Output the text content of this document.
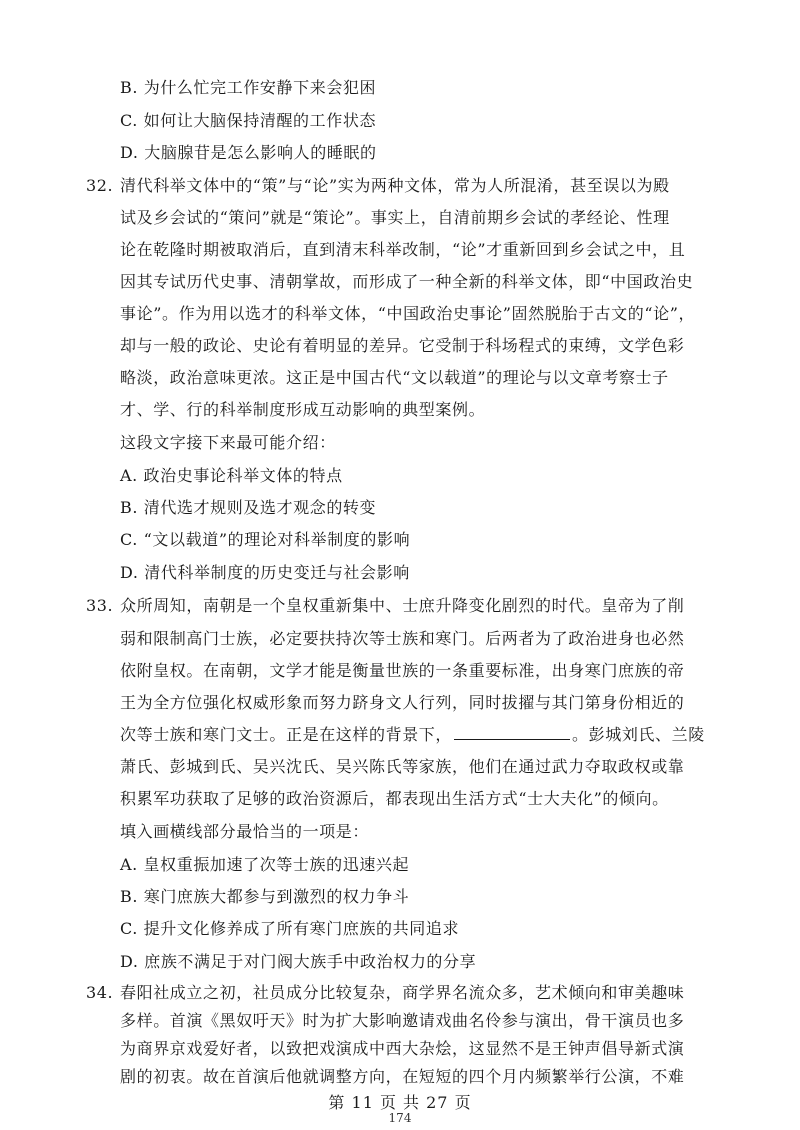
B. 为什么忙完工作安静下来会犯困
C. 如何让大脑保持清醒的工作状态
D. 大脑腺苷是怎么影响人的睡眠的
32. 清代科举文体中的“策”与“论”实为两种文体，常为人所混淆，甚至误以为殿
试及乡会试的“策问”就是“策论”。事实上，自清前期乡会试的孝经论、性理
论在乾隆时期被取消后，直到清末科举改制，“论”才重新回到乡会试之中，且
因其专试历代史事、清朝掌故，而形成了一种全新的科举文体，即“中国政治史
事论”。作为用以选才的科举文体，“中国政治史事论”固然脱胎于古文的“论”，
却与一般的政论、史论有着明显的差异。它受制于科场程式的束缚，文学色彩
略淡，政治意味更浓。这正是中国古代“文以载道”的理论与以文章考察士子
才、学、行的科举制度形成互动影响的典型案例。
这段文字接下来最可能介绍：
A. 政治史事论科举文体的特点
B. 清代选才规则及选才观念的转变
C. “文以载道”的理论对科举制度的影响
D. 清代科举制度的历史变迁与社会影响
33. 众所周知，南朝是一个皇权重新集中、士庶升降变化剧烈的时代。皇帝为了削
弱和限制高门士族，必定要扶持次等士族和寒门。后两者为了政治进身也必然
依附皇权。在南朝，文学才能是衡量世族的一条重要标准，出身寒门庶族的帝
王为全方位强化权威形象而努力跻身文人行列，同时拔擢与其门第身份相近的
次等士族和寒门文士。正是在这样的背景下，	。彭城刘氏、兰陵
萧氏、彭城到氏、吴兴沈氏、吴兴陈氏等家族，他们在通过武力夺取政权或靠
积累军功获取了足够的政治资源后，都表现出生活方式“士大夫化”的倾向。
填入画横线部分最恰当的一项是：
A. 皇权重振加速了次等士族的迅速兴起
B. 寒门庶族大都参与到激烈的权力争斗
C. 提升文化修养成了所有寒门庶族的共同追求
D. 庶族不满足于对门阀大族手中政治权力的分享
34. 春阳社成立之初，社员成分比较复杂，商学界名流众多，艺术倾向和审美趣味
多样。首演《黑奴吁天》时为扩大影响邀请戏曲名伶参与演出，骨干演员也多
第 11 页 共 27 页
174
为商界京戏爱好者，以致把戏演成中西大杂烩，这显然不是王钟声倡导新式演
剧的初衷。故在首演后他就调整方向，在短短的四个月内频繁举行公演，不难
